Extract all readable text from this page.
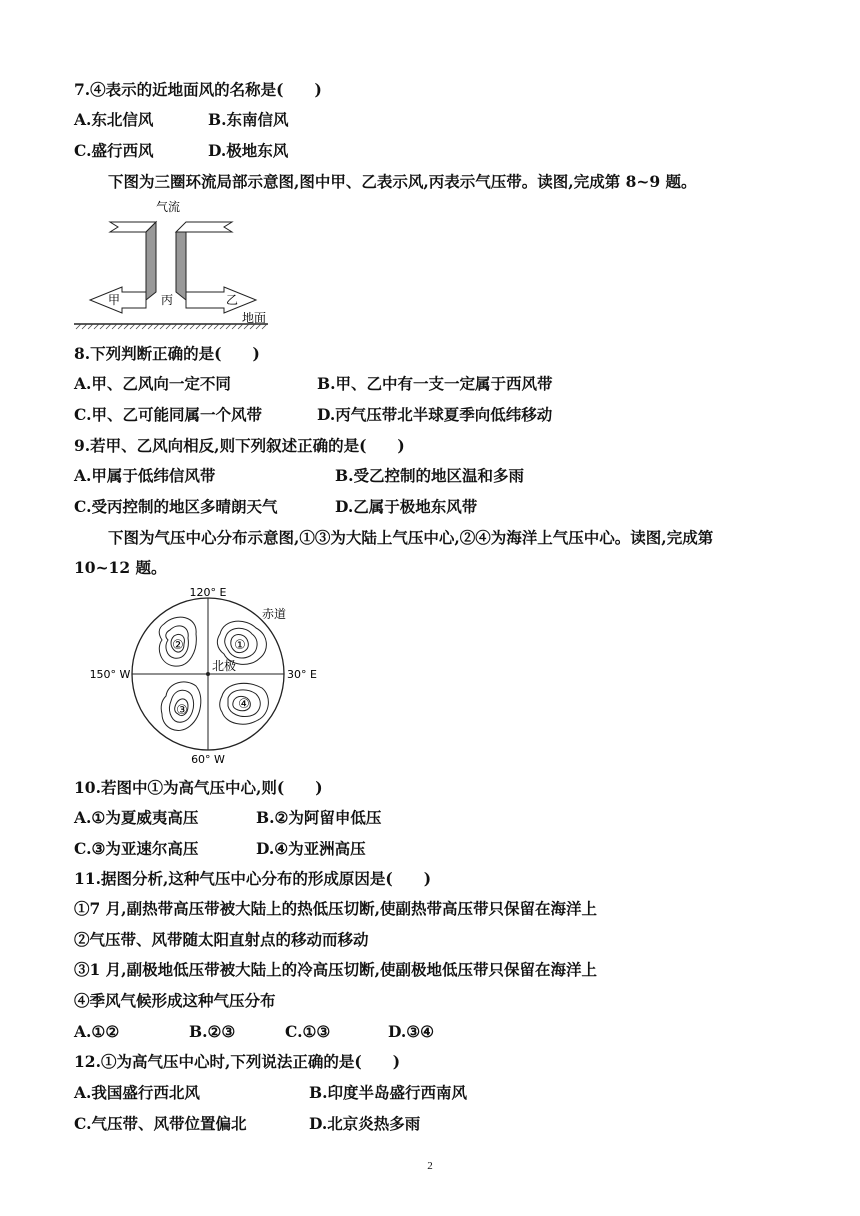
7.④表示的近地面风的名称是(　　)
A.东北信风	B.东南信风
C.盛行西风	D.极地东风
下图为三圈环流局部示意图,图中甲、乙表示风,丙表示气压带。读图,完成第 8~9 题。
气流
甲	丙	乙
地面
8.下列判断正确的是(　　)
A.甲、乙风向一定不同	B.甲、乙中有一支一定属于西风带
C.甲、乙可能同属一个风带	D.丙气压带北半球夏季向低纬移动
9.若甲、乙风向相反,则下列叙述正确的是(　　)
A.甲属于低纬信风带	B.受乙控制的地区温和多雨
C.受丙控制的地区多晴朗天气	D.乙属于极地东风带
下图为气压中心分布示意图,①③为大陆上气压中心,②④为海洋上气压中心。读图,完成第
10~12 题。
②	①
③	④
120° E
60° W
150° W	30° E
赤道
北极
10.若图中①为高气压中心,则(　　)
A.①为夏威夷高压	B.②为阿留申低压
C.③为亚速尔高压	D.④为亚洲高压
11.据图分析,这种气压中心分布的形成原因是(　　)
①7 月,副热带高压带被大陆上的热低压切断,使副热带高压带只保留在海洋上
②气压带、风带随太阳直射点的移动而移动
③1 月,副极地低压带被大陆上的冷高压切断,使副极地低压带只保留在海洋上
④季风气候形成这种气压分布
A.①②	B.②③	C.①③	D.③④
12.①为高气压中心时,下列说法正确的是(　　)
A.我国盛行西北风	B.印度半岛盛行西南风
C.气压带、风带位置偏北	D.北京炎热多雨
2
